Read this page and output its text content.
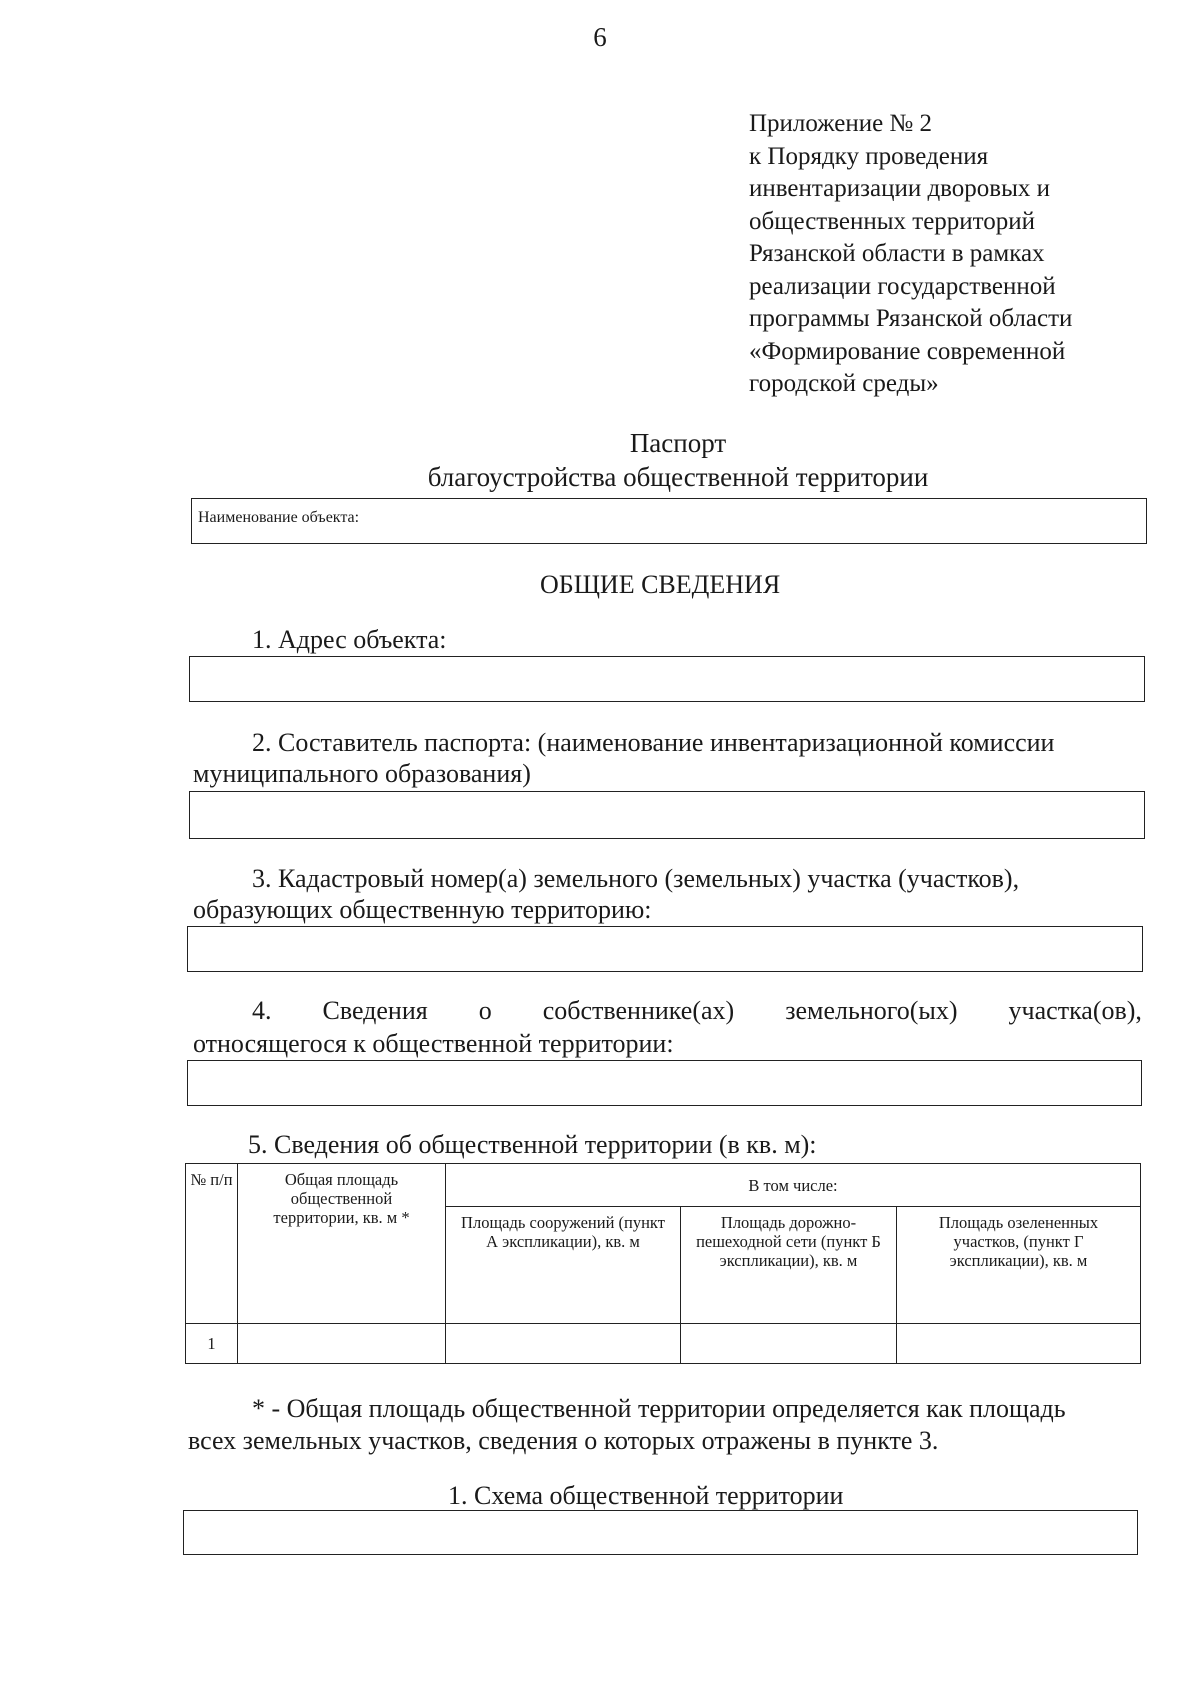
6
Приложение № 2
к Порядку проведения
инвентаризации дворовых и
общественных территорий
Рязанской области в рамках
реализации государственной
программы Рязанской области
«Формирование современной
городской среды»
Паспорт
благоустройства общественной территории
Наименование объекта:
ОБЩИЕ СВЕДЕНИЯ
1. Адрес объекта:
2. Составитель паспорта: (наименование инвентаризационной комиссии
муниципального образования)
3. Кадастровый номер(а) земельного (земельных) участка (участков),
образующих общественную территорию:
4. Сведения о собственнике(ах) земельного(ых) участка(ов),
относящегося к общественной территории:
5. Сведения об общественной территории (в кв. м):
№ п/п	Общая площадь общественной территории, кв. м *	В том числе:		
		Площадь сооружений (пункт А экспликации), кв. м	Площадь дорожно-пешеходной сети (пункт Б экспликации), кв. м	Площадь озелененных участков, (пункт Г экспликации), кв. м
1				
* - Общая площадь общественной территории определяется как площадь
всех земельных участков, сведения о которых отражены в пункте 3.
1. Схема общественной территории
